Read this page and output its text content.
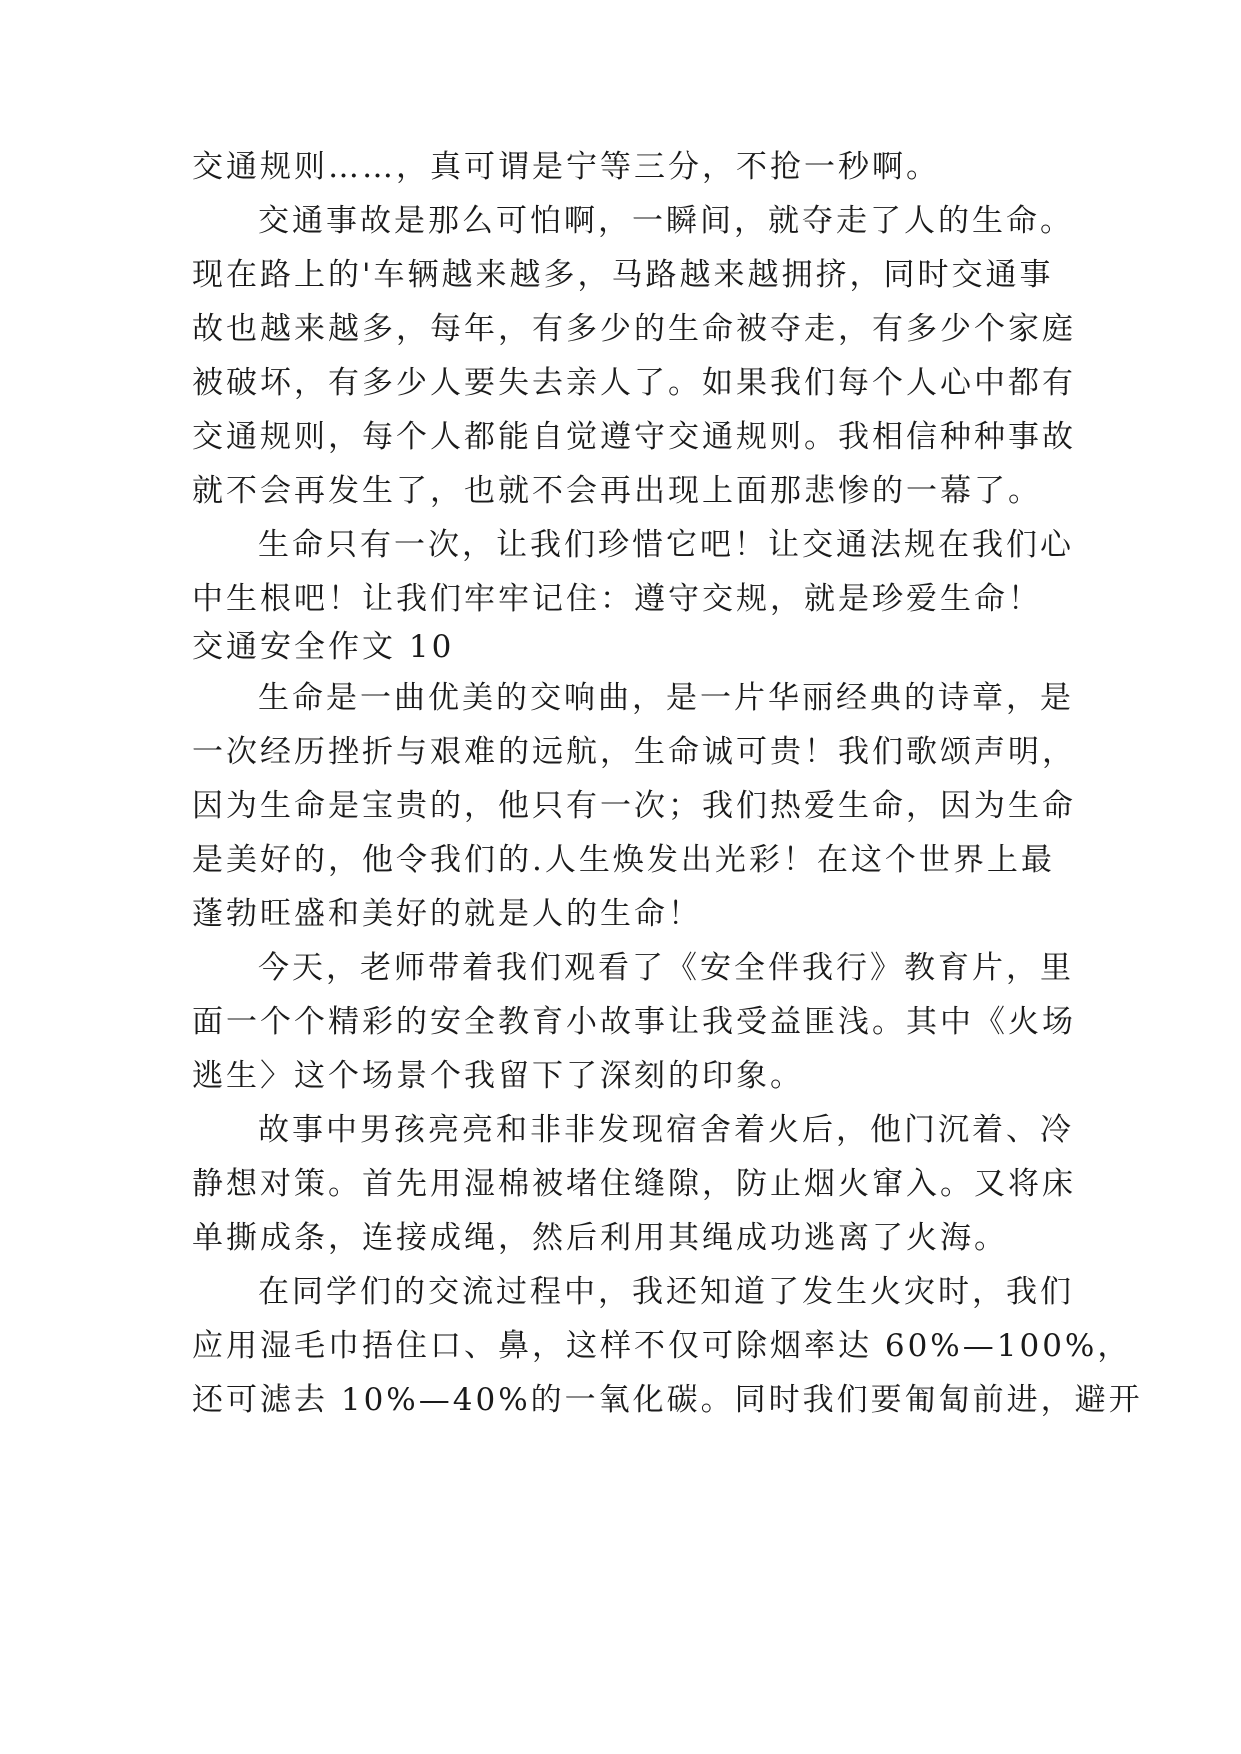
交通规则……，真可谓是宁等三分，不抢一秒啊。
交通事故是那么可怕啊，一瞬间，就夺走了人的生命。
现在路上的'车辆越来越多，马路越来越拥挤，同时交通事
故也越来越多，每年，有多少的生命被夺走，有多少个家庭
被破坏，有多少人要失去亲人了。如果我们每个人心中都有
交通规则，每个人都能自觉遵守交通规则。我相信种种事故
就不会再发生了，也就不会再出现上面那悲惨的一幕了。
生命只有一次，让我们珍惜它吧！让交通法规在我们心
中生根吧！让我们牢牢记住：遵守交规，就是珍爱生命！
交通安全作文 10
生命是一曲优美的交响曲，是一片华丽经典的诗章，是
一次经历挫折与艰难的远航，生命诚可贵！我们歌颂声明，
因为生命是宝贵的，他只有一次；我们热爱生命，因为生命
是美好的，他令我们的.人生焕发出光彩！在这个世界上最
蓬勃旺盛和美好的就是人的生命！
今天，老师带着我们观看了《安全伴我行》教育片，里
面一个个精彩的安全教育小故事让我受益匪浅。其中《火场
逃生〉这个场景个我留下了深刻的印象。
故事中男孩亮亮和非非发现宿舍着火后，他门沉着、冷
静想对策。首先用湿棉被堵住缝隙，防止烟火窜入。又将床
单撕成条，连接成绳，然后利用其绳成功逃离了火海。
在同学们的交流过程中，我还知道了发生火灾时，我们
应用湿毛巾捂住口、鼻，这样不仅可除烟率达 60%—100%，
还可滤去 10%—40%的一氧化碳。同时我们要匍匐前进，避开
